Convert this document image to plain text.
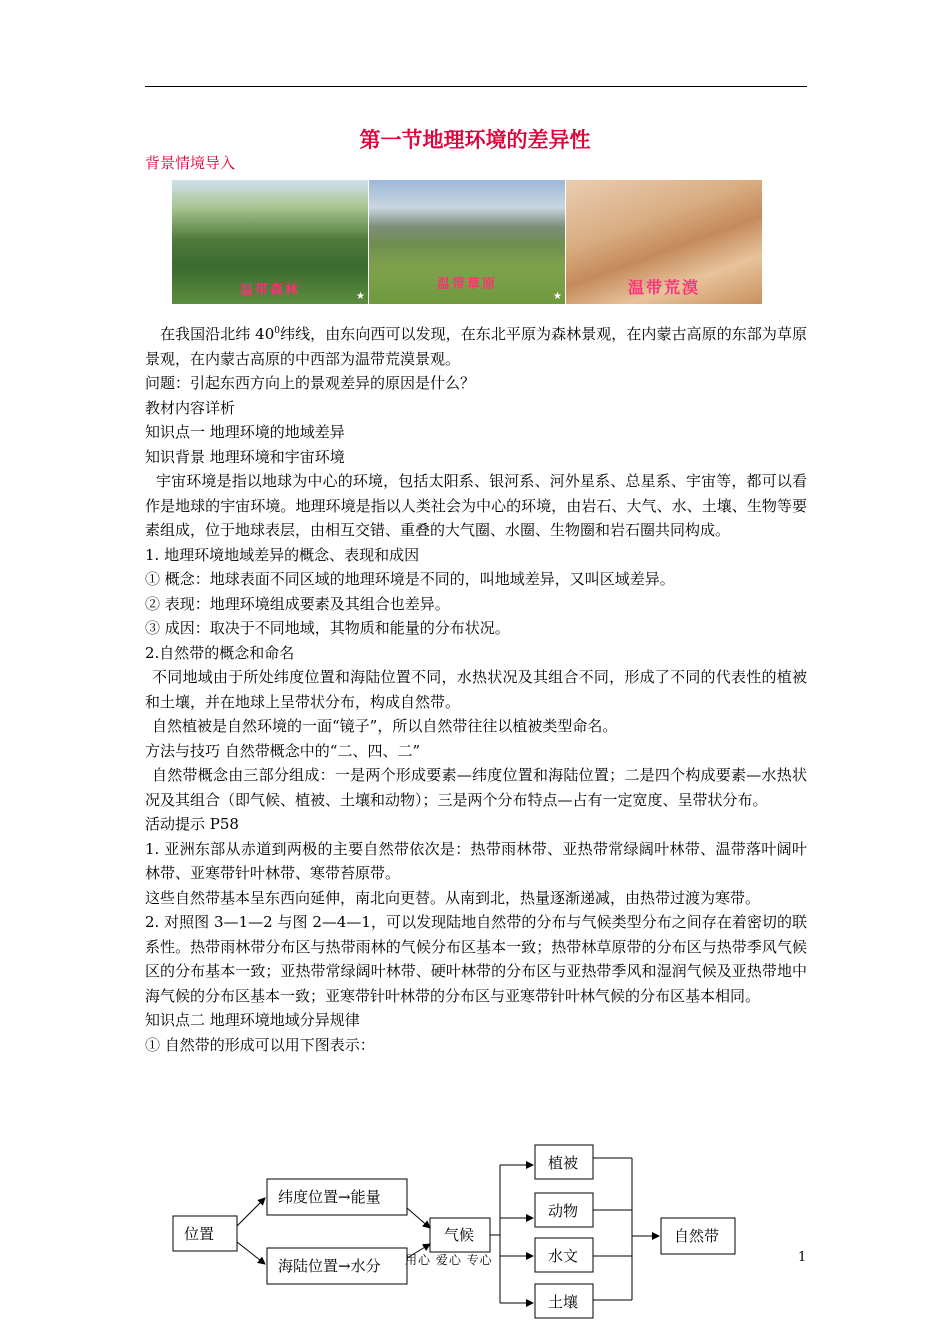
第一节地理环境的差异性
背景情境导入
温带森林	★
温带草原
★	温带荒漠

在我国沿北纬 $40^0$纬线，由东向西可以发现，在东北平原为森林景观，在内蒙古高原的东部为草原景观，在内蒙古高原的中西部为温带荒漠景观。

问题：引起东西方向上的景观差异的原因是什么？

教材内容详析

知识点一 地理环境的地域差异

知识背景 地理环境和宇宙环境

宇宙环境是指以地球为中心的环境，包括太阳系、银河系、河外星系、总星系、宇宙等，都可以看作是地球的宇宙环境。地理环境是指以人类社会为中心的环境，由岩石、大气、水、土壤、生物等要素组成，位于地球表层，由相互交错、重叠的大气圈、水圈、生物圈和岩石圈共同构成。

1. 地理环境地域差异的概念、表现和成因

① 概念：地球表面不同区域的地理环境是不同的，叫地域差异，又叫区域差异。

② 表现：地理环境组成要素及其组合也差异。

③ 成因：取决于不同地域，其物质和能量的分布状况。

2.自然带的概念和命名

不同地域由于所处纬度位置和海陆位置不同，水热状况及其组合不同，形成了不同的代表性的植被和土壤，并在地球上呈带状分布，构成自然带。

自然植被是自然环境的一面“镜子”，所以自然带往往以植被类型命名。

方法与技巧 自然带概念中的“二、四、二”

自然带概念由三部分组成：一是两个形成要素—纬度位置和海陆位置；二是四个构成要素—水热状况及其组合（即气候、植被、土壤和动物）；三是两个分布特点—占有一定宽度、呈带状分布。

活动提示 P58

1. 亚洲东部从赤道到两极的主要自然带依次是：热带雨林带、亚热带常绿阔叶林带、温带落叶阔叶林带、亚寒带针叶林带、寒带苔原带。

这些自然带基本呈东西向延伸，南北向更替。从南到北，热量逐渐递减，由热带过渡为寒带。

2. 对照图 3—1—2 与图 2—4—1，可以发现陆地自然带的分布与气候类型分布之间存在着密切的联系性。热带雨林带分布区与热带雨林的气候分布区基本一致；热带林草原带的分布区与热带季风气候区的分布基本一致；亚热带常绿阔叶林带、硬叶林带的分布区与亚热带季风和湿润气候及亚热带地中海气候的分布区基本一致；亚寒带针叶林带的分布区与亚寒带针叶林气候的分布区基本相同。

知识点二 地理环境地域分异规律

① 自然带的形成可以用下图表示：

位置
纬度位置→能量
海陆位置→水分
气候
植被
动物
水文
土壤
自然带
用心 爱心 专心	1
